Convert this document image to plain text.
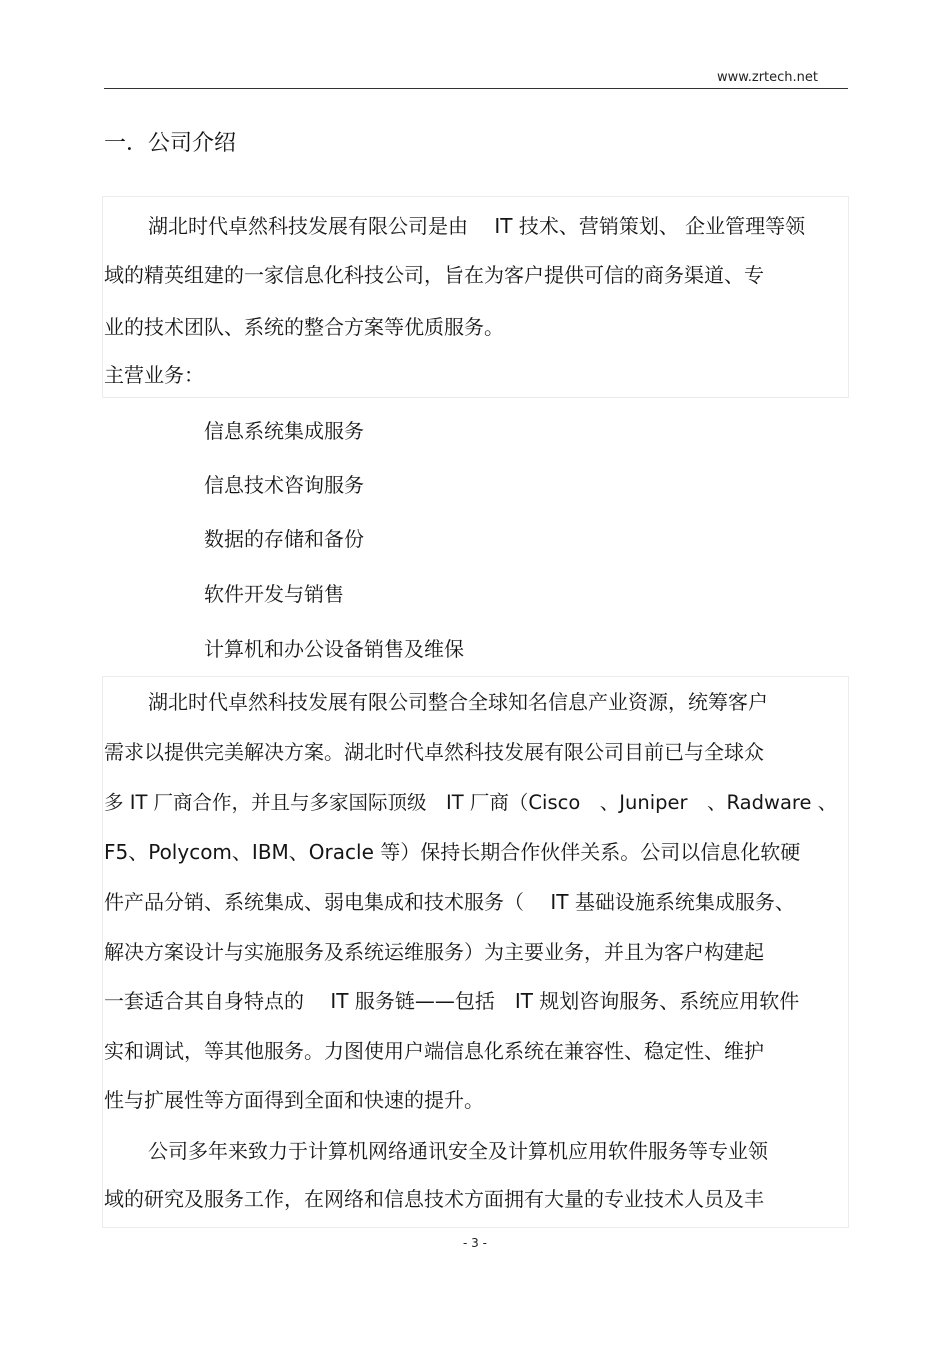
www.zrtech.net
一．公司介绍
湖北时代卓然科技发展有限公司是由　 IT 技术、营销策划、 企业管理等领
域的精英组建的一家信息化科技公司，旨在为客户提供可信的商务渠道、专
业的技术团队、系统的整合方案等优质服务。
主营业务：
信息系统集成服务
信息技术咨询服务
数据的存储和备份
软件开发与销售
计算机和办公设备销售及维保
湖北时代卓然科技发展有限公司整合全球知名信息产业资源，统筹客户
需求以提供完美解决方案。湖北时代卓然科技发展有限公司目前已与全球众
多 IT 厂商合作，并且与多家国际顶级　IT 厂商（Cisco　、Juniper　、Radware 、
F5、Polycom、IBM、Oracle 等）保持长期合作伙伴关系。公司以信息化软硬
件产品分销、系统集成、弱电集成和技术服务（　 IT 基础设施系统集成服务、
解决方案设计与实施服务及系统运维服务）为主要业务，并且为客户构建起
一套适合其自身特点的　 IT 服务链——包括　IT 规划咨询服务、系统应用软件
实和调试，等其他服务。力图使用户端信息化系统在兼容性、稳定性、维护
性与扩展性等方面得到全面和快速的提升。
公司多年来致力于计算机网络通讯安全及计算机应用软件服务等专业领
域的研究及服务工作，在网络和信息技术方面拥有大量的专业技术人员及丰
- 3 -
